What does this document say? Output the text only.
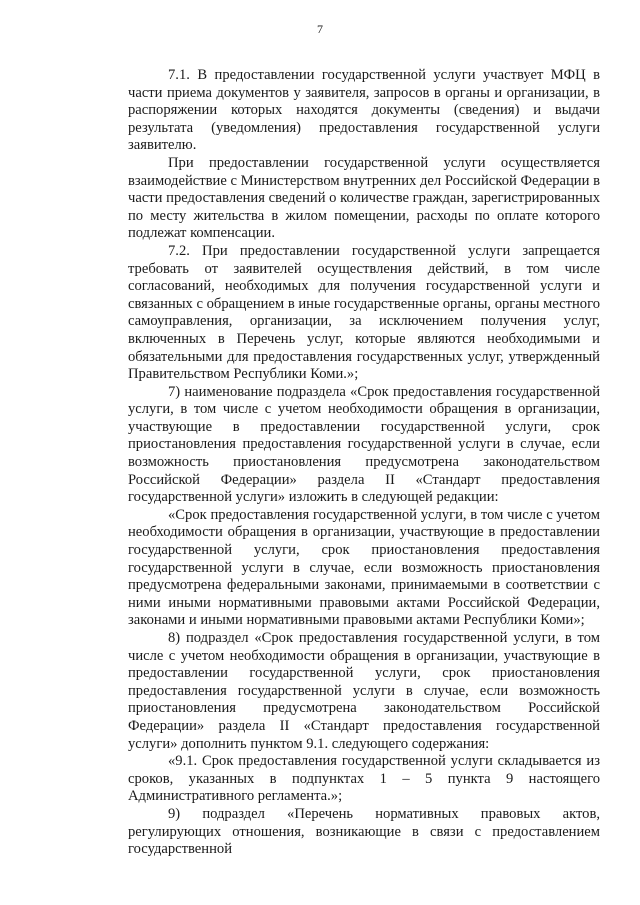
7

7.1. В предоставлении государственной услуги участвует МФЦ в части приема документов у заявителя, запросов в органы и организации, в распоряжении которых находятся документы (сведения) и выдачи результата (уведомления) предоставления государственной услуги заявителю.

При предоставлении государственной услуги осуществляется взаимодействие с Министерством внутренних дел Российской Федерации в части предоставления сведений о количестве граждан, зарегистрированных по месту жительства в жилом помещении, расходы по оплате которого подлежат компенсации.

7.2. При предоставлении государственной услуги запрещается требовать от заявителей осуществления действий, в том числе согласований, необходимых для получения государственной услуги и связанных с обращением в иные государственные органы, органы местного самоуправления, организации, за исключением получения услуг, включенных в Перечень услуг, которые являются необходимыми и обязательными для предоставления государственных услуг, утвержденный Правительством Республики Коми.»;

7) наименование подраздела «Срок предоставления государственной услуги, в том числе с учетом необходимости обращения в организации, участвующие в предоставлении государственной услуги, срок приостановления предоставления государственной услуги в случае, если возможность приостановления предусмотрена законодательством Российской Федерации» раздела II «Стандарт предоставления государственной услуги» изложить в следующей редакции:

«Срок предоставления государственной услуги, в том числе с учетом необходимости обращения в организации, участвующие в предоставлении государственной услуги, срок приостановления предоставления государственной услуги в случае, если возможность приостановления предусмотрена федеральными законами, принимаемыми в соответствии с ними иными нормативными правовыми актами Российской Федерации, законами и иными нормативными правовыми актами Республики Коми»;

8) подраздел «Срок предоставления государственной услуги, в том числе с учетом необходимости обращения в организации, участвующие в предоставлении государственной услуги, срок приостановления предоставления государственной услуги в случае, если возможность приостановления предусмотрена законодательством Российской Федерации» раздела II «Стандарт предоставления государственной услуги» дополнить пунктом 9.1. следующего содержания:

«9.1. Срок предоставления государственной услуги складывается из сроков, указанных в подпунктах 1 – 5 пункта 9 настоящего Административного регламента.»;

9) подраздел «Перечень нормативных правовых актов, регулирующих отношения, возникающие в связи с предоставлением государственной
